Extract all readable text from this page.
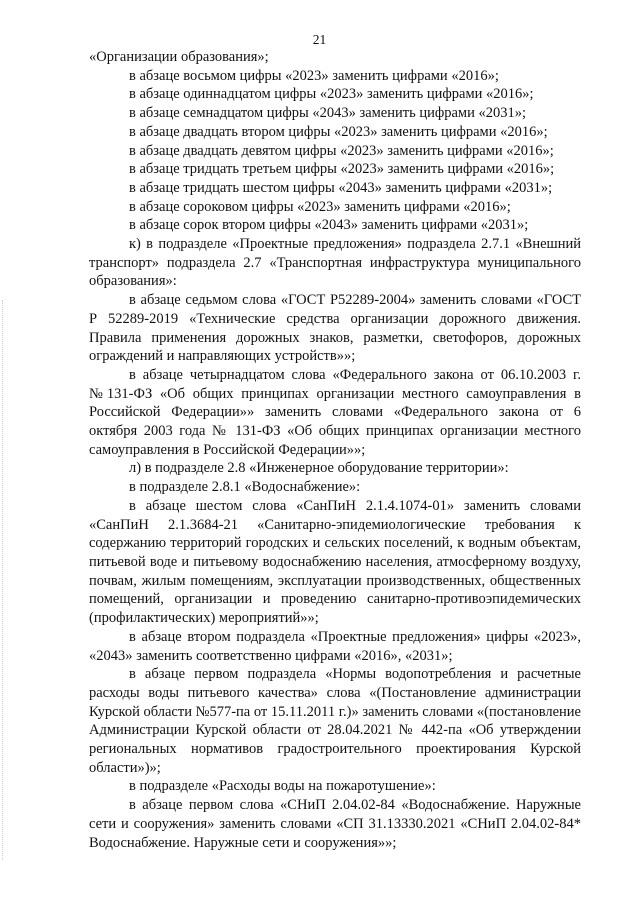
21

«Организации образования»;

в абзаце восьмом цифры «2023» заменить цифрами «2016»;

в абзаце одиннадцатом цифры «2023» заменить цифрами «2016»;

в абзаце семнадцатом цифры «2043» заменить цифрами «2031»;

в абзаце двадцать втором цифры «2023» заменить цифрами «2016»;

в абзаце двадцать девятом цифры «2023» заменить цифрами «2016»;

в абзаце тридцать третьем цифры «2023» заменить цифрами «2016»;

в абзаце тридцать шестом цифры «2043» заменить цифрами «2031»;

в абзаце сороковом цифры «2023» заменить цифрами «2016»;

в абзаце сорок втором цифры «2043» заменить цифрами «2031»;

к) в подразделе «Проектные предложения» подраздела 2.7.1 «Внешний транспорт» подраздела 2.7 «Транспортная инфраструктура муниципального образования»:

в абзаце седьмом слова «ГОСТ Р52289-2004» заменить словами «ГОСТ Р 52289-2019 «Технические средства организации дорожного движения. Правила применения дорожных знаков, разметки, светофоров, дорожных ограждений и направляющих устройств»»;

в абзаце четырнадцатом слова «Федерального закона от 06.10.2003 г. №131-ФЗ «Об общих принципах организации местного самоуправления в Российской Федерации»» заменить словами «Федерального закона от 6 октября 2003 года № 131-ФЗ «Об общих принципах организации местного самоуправления в Российской Федерации»»;

л) в подразделе 2.8 «Инженерное оборудование территории»:

в подразделе 2.8.1 «Водоснабжение»:

в абзаце шестом слова «СанПиН 2.1.4.1074-01» заменить словами «СанПиН 2.1.3684-21 «Санитарно-эпидемиологические требования к содержанию территорий городских и сельских поселений, к водным объектам, питьевой воде и питьевому водоснабжению населения, атмосферному воздуху, почвам, жилым помещениям, эксплуатации производственных, общественных помещений, организации и проведению санитарно-противоэпидемических (профилактических) мероприятий»»;

в абзаце втором подраздела «Проектные предложения» цифры «2023», «2043» заменить соответственно цифрами «2016», «2031»;

в абзаце первом подраздела «Нормы водопотребления и расчетные расходы воды питьевого качества» слова «(Постановление администрации Курской области №577-па от 15.11.2011 г.)» заменить словами «(постановление Администрации Курской области от 28.04.2021 № 442-па «Об утверждении региональных нормативов градостроительного проектирования Курской области»)»;

в подразделе «Расходы воды на пожаротушение»:

в абзаце первом слова «СНиП 2.04.02-84 «Водоснабжение. Наружные сети и сооружения» заменить словами «СП 31.13330.2021 «СНиП 2.04.02-84* Водоснабжение. Наружные сети и сооружения»»;
